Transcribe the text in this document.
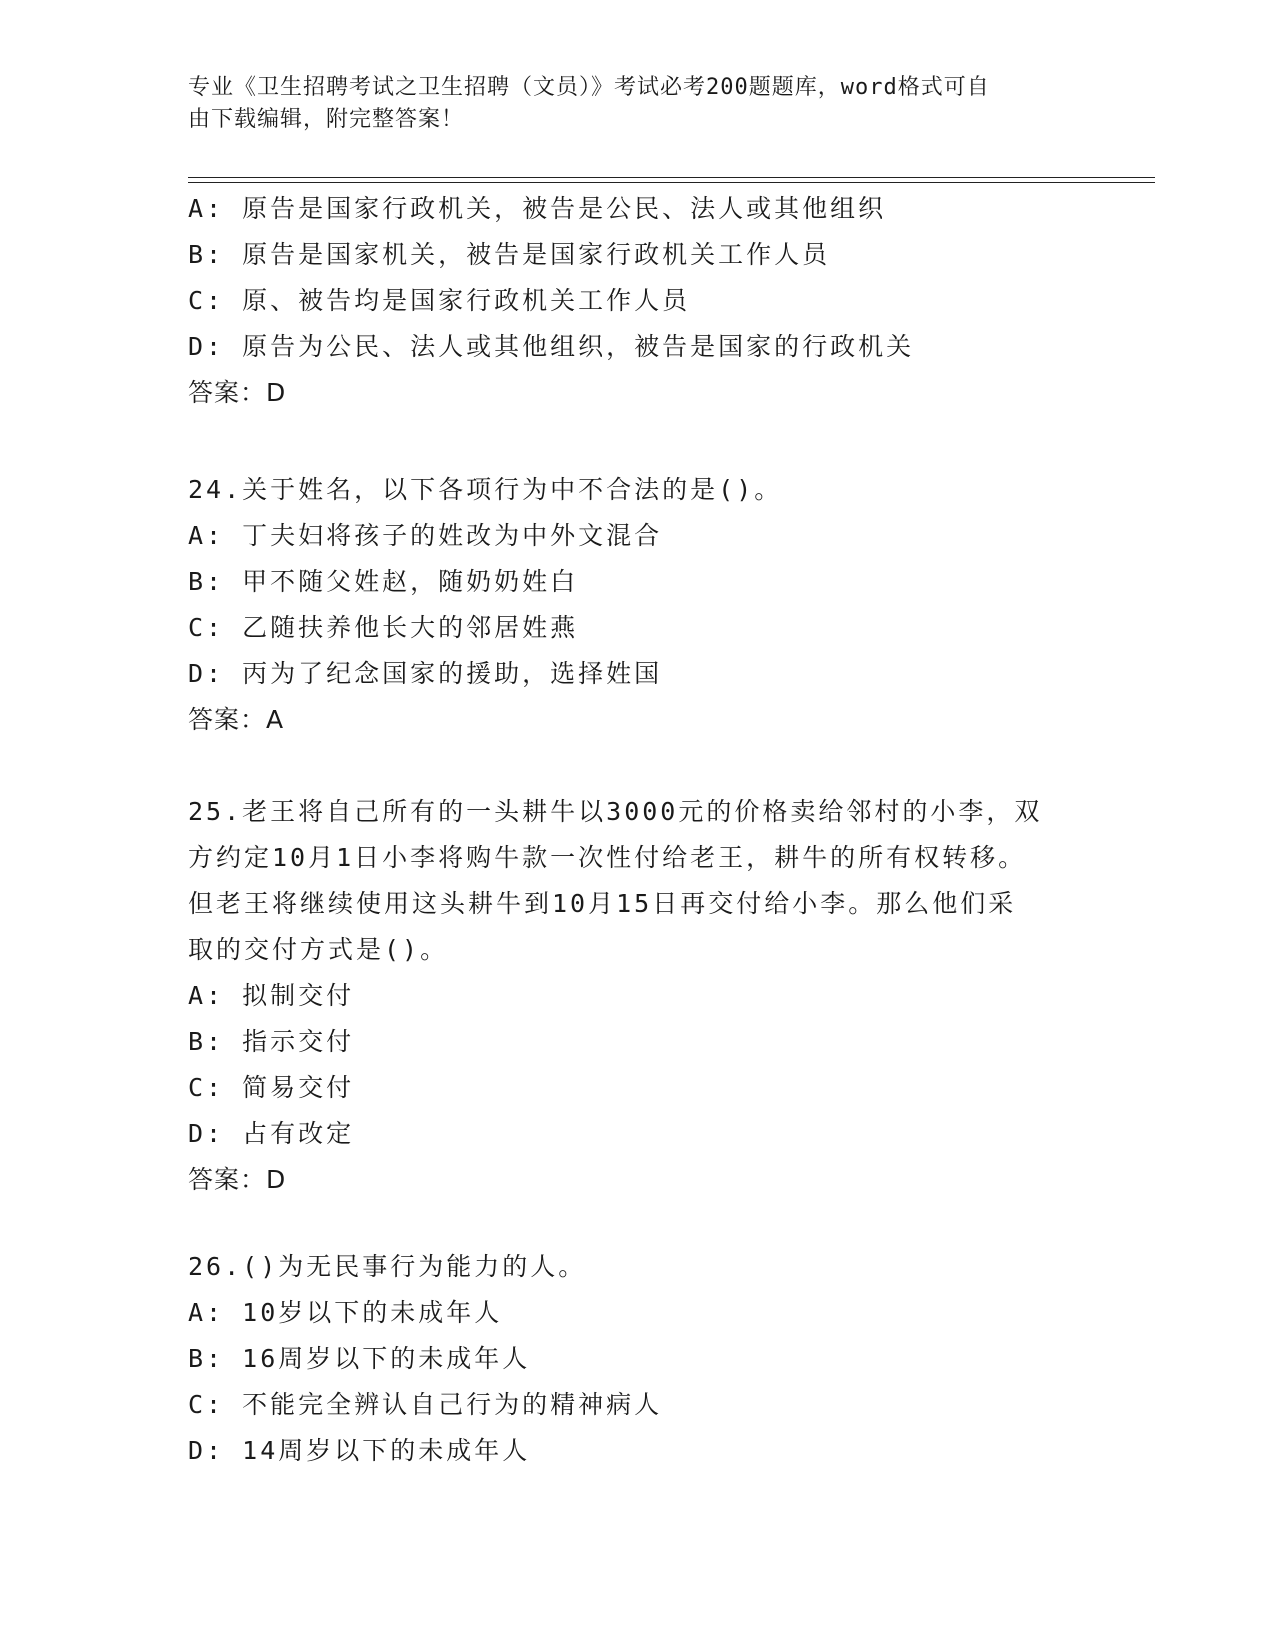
专业《卫生招聘考试之卫生招聘（文员）》考试必考200题题库，word格式可自
由下载编辑，附完整答案！
A: 原告是国家行政机关，被告是公民、法人或其他组织
B: 原告是国家机关，被告是国家行政机关工作人员
C: 原、被告均是国家行政机关工作人员
D: 原告为公民、法人或其他组织，被告是国家的行政机关
答案：D
24.关于姓名，以下各项行为中不合法的是()。
A: 丁夫妇将孩子的姓改为中外文混合
B: 甲不随父姓赵，随奶奶姓白
C: 乙随扶养他长大的邻居姓燕
D: 丙为了纪念国家的援助，选择姓国
答案：A
25.老王将自己所有的一头耕牛以3000元的价格卖给邻村的小李，双
方约定10月1日小李将购牛款一次性付给老王，耕牛的所有权转移。
但老王将继续使用这头耕牛到10月15日再交付给小李。那么他们采
取的交付方式是()。
A: 拟制交付
B: 指示交付
C: 简易交付
D: 占有改定
答案：D
26.()为无民事行为能力的人。
A: 10岁以下的未成年人
B: 16周岁以下的未成年人
C: 不能完全辨认自己行为的精神病人
D: 14周岁以下的未成年人
